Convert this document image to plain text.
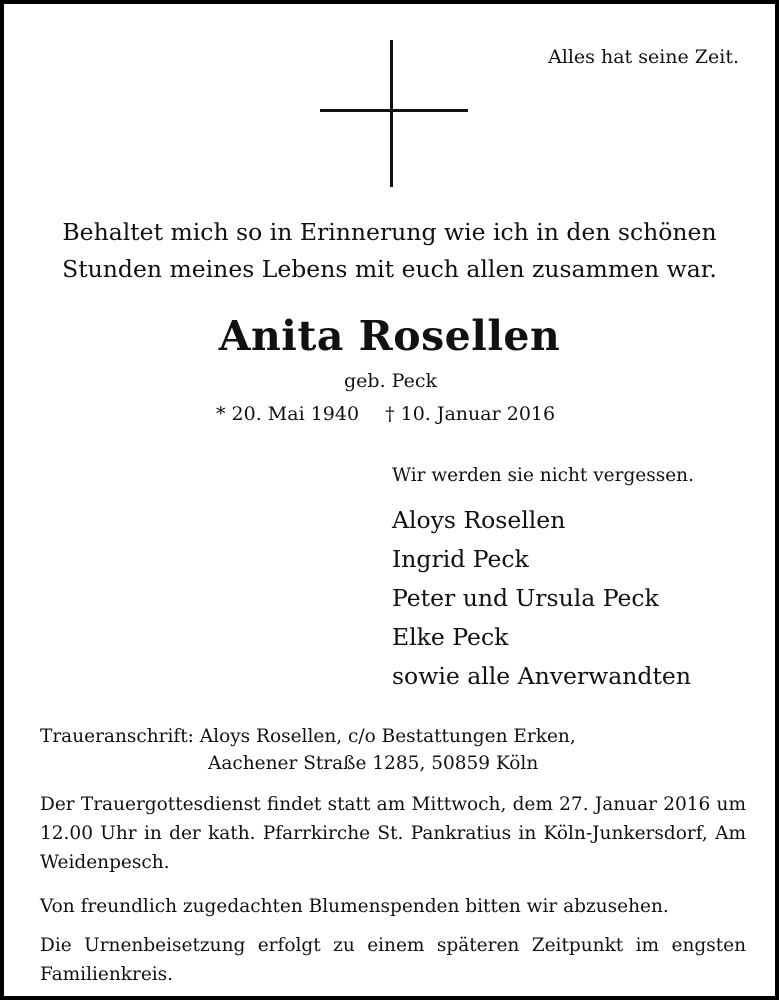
Alles hat seine Zeit.
Behaltet mich so in Erinnerung wie ich in den schönen
Stunden meines Lebens mit euch allen zusammen war.
Anita Rosellen
geb. Peck
* 20. Mai 1940 † 10. Januar 2016
Wir werden sie nicht vergessen.
Aloys Rosellen
Ingrid Peck
Peter und Ursula Peck
Elke Peck
sowie alle Anverwandten
Traueranschrift: Aloys Rosellen, c/o Bestattungen Erken,
Aachener Straße 1285, 50859 Köln
Der Trauergottesdienst findet statt am Mittwoch, dem 27. Januar 2016 um 12.00 Uhr in der kath. Pfarrkirche St. Pankratius in Köln-Junkersdorf, Am Weidenpesch.
Von freundlich zugedachten Blumenspenden bitten wir abzusehen.
Die Urnenbeisetzung erfolgt zu einem späteren Zeitpunkt im engsten Familienkreis.
